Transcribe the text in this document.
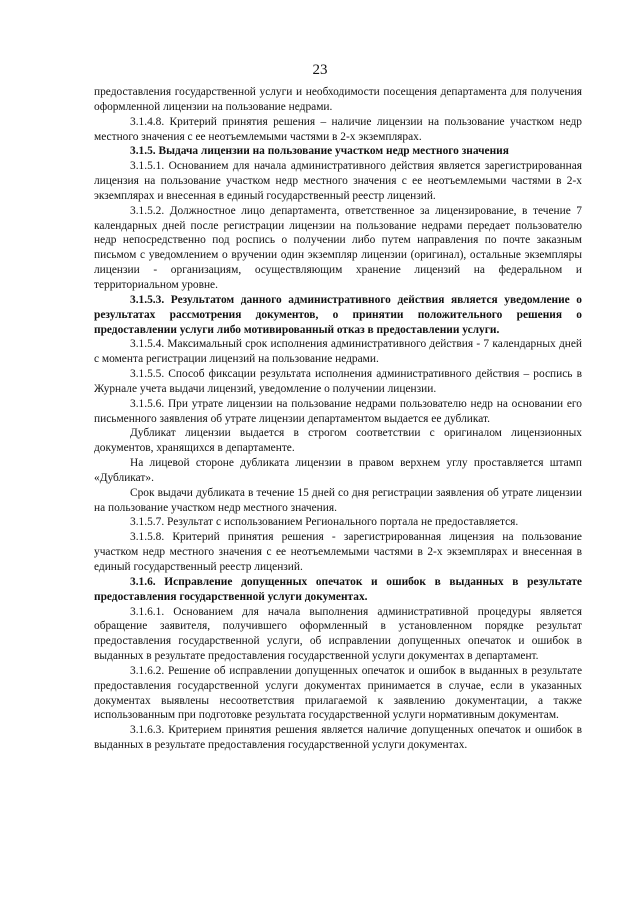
23

предоставления государственной услуги и необходимости посещения департамента для получения оформленной лицензии на пользование недрами.

3.1.4.8. Критерий принятия решения – наличие лицензии на пользование участком недр местного значения с ее неотъемлемыми частями в 2-х экземплярах.

3.1.5. Выдача лицензии на пользование участком недр местного значения

3.1.5.1. Основанием для начала административного действия является зарегистрированная лицензия на пользование участком недр местного значения с ее неотъемлемыми частями в 2-х экземплярах и внесенная в единый государственный реестр лицензий.

3.1.5.2. Должностное лицо департамента, ответственное за лицензирование, в течение 7 календарных дней после регистрации лицензии на пользование недрами передает пользователю недр непосредственно под роспись о получении либо путем направления по почте заказным письмом с уведомлением о вручении один экземпляр лицензии (оригинал), остальные экземпляры лицензии - организациям, осуществляющим хранение лицензий на федеральном и территориальном уровне.

3.1.5.3. Результатом данного административного действия является уведомление о результатах рассмотрения документов, о принятии положительного решения о предоставлении услуги либо мотивированный отказ в предоставлении услуги.

3.1.5.4. Максимальный срок исполнения административного действия - 7 календарных дней с момента регистрации лицензий на пользование недрами.

3.1.5.5. Способ фиксации результата исполнения административного действия – роспись в Журнале учета выдачи лицензий, уведомление о получении лицензии.

3.1.5.6. При утрате лицензии на пользование недрами пользователю недр на основании его письменного заявления об утрате лицензии департаментом выдается ее дубликат.

Дубликат лицензии выдается в строгом соответствии с оригиналом лицензионных документов, хранящихся в департаменте.

На лицевой стороне дубликата лицензии в правом верхнем углу проставляется штамп «Дубликат».

Срок выдачи дубликата в течение 15 дней со дня регистрации заявления об утрате лицензии на пользование участком недр местного значения.

3.1.5.7. Результат с использованием Регионального портала не предоставляется.

3.1.5.8. Критерий принятия решения - зарегистрированная лицензия на пользование участком недр местного значения с ее неотъемлемыми частями в 2-х экземплярах и внесенная в единый государственный реестр лицензий.

3.1.6. Исправление допущенных опечаток и ошибок в выданных в результате предоставления государственной услуги документах.

3.1.6.1. Основанием для начала выполнения административной процедуры является обращение заявителя, получившего оформленный в установленном порядке результат предоставления государственной услуги, об исправлении допущенных опечаток и ошибок в выданных в результате предоставления государственной услуги документах в департамент.

3.1.6.2. Решение об исправлении допущенных опечаток и ошибок в выданных в результате предоставления государственной услуги документах принимается в случае, если в указанных документах выявлены несоответствия прилагаемой к заявлению документации, а также использованным при подготовке результата государственной услуги нормативным документам.

3.1.6.3. Критерием принятия решения является наличие допущенных опечаток и ошибок в выданных в результате предоставления государственной услуги документах.
